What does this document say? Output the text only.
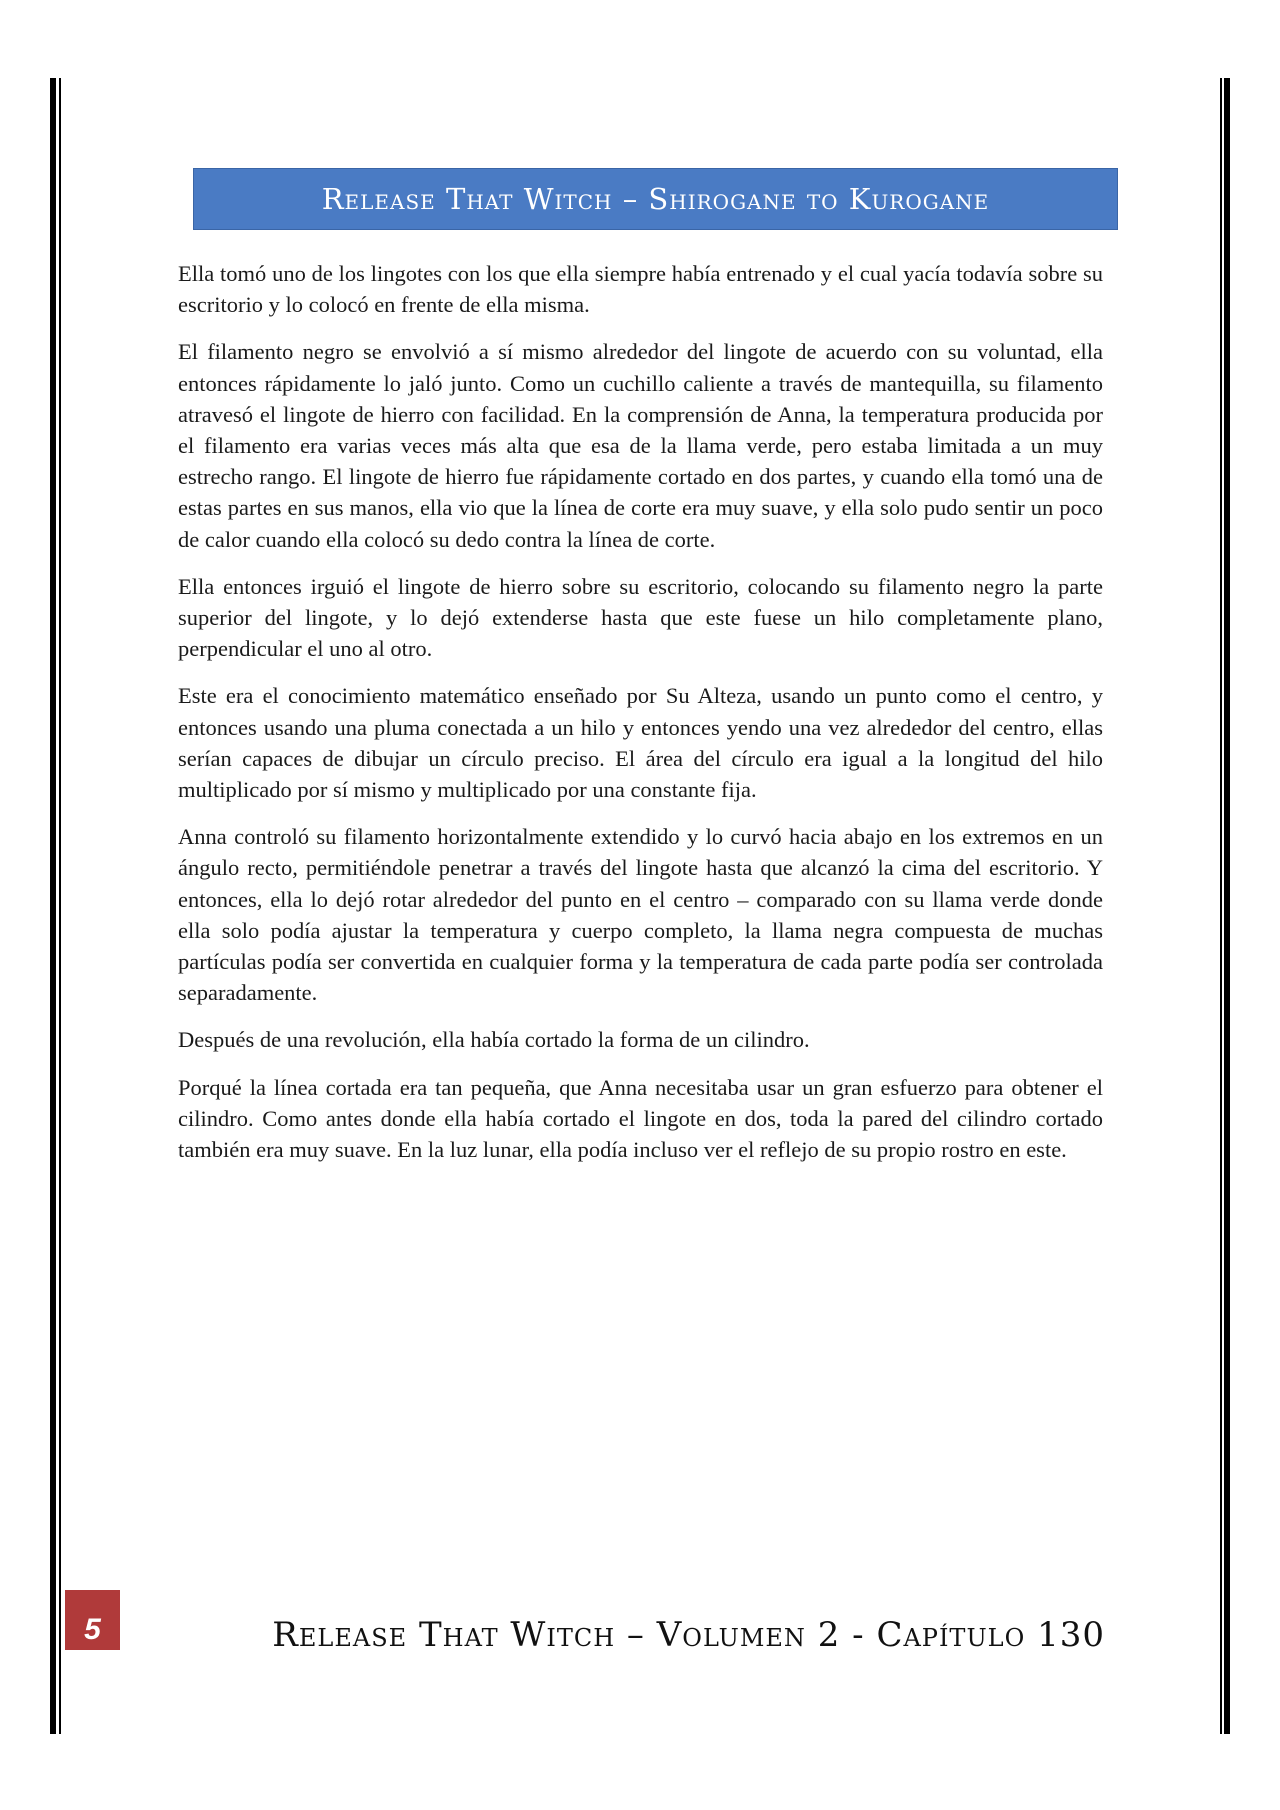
Release That Witch – Shirogane to Kurogane

Ella tomó uno de los lingotes con los que ella siempre había entrenado y el cual yacía todavía sobre su escritorio y lo colocó en frente de ella misma.

El filamento negro se envolvió a sí mismo alrededor del lingote de acuerdo con su voluntad, ella entonces rápidamente lo jaló junto. Como un cuchillo caliente a través de mantequilla, su filamento atravesó el lingote de hierro con facilidad. En la comprensión de Anna, la temperatura producida por el filamento era varias veces más alta que esa de la llama verde, pero estaba limitada a un muy estrecho rango. El lingote de hierro fue rápidamente cortado en dos partes, y cuando ella tomó una de estas partes en sus manos, ella vio que la línea de corte era muy suave, y ella solo pudo sentir un poco de calor cuando ella colocó su dedo contra la línea de corte.

Ella entonces irguió el lingote de hierro sobre su escritorio, colocando su filamento negro la parte superior del lingote, y lo dejó extenderse hasta que este fuese un hilo completamente plano, perpendicular el uno al otro.

Este era el conocimiento matemático enseñado por Su Alteza, usando un punto como el centro, y entonces usando una pluma conectada a un hilo y entonces yendo una vez alrededor del centro, ellas serían capaces de dibujar un círculo preciso. El área del círculo era igual a la longitud del hilo multiplicado por sí mismo y multiplicado por una constante fija.

Anna controló su filamento horizontalmente extendido y lo curvó hacia abajo en los extremos en un ángulo recto, permitiéndole penetrar a través del lingote hasta que alcanzó la cima del escritorio. Y entonces, ella lo dejó rotar alrededor del punto en el centro – comparado con su llama verde donde ella solo podía ajustar la temperatura y cuerpo completo, la llama negra compuesta de muchas partículas podía ser convertida en cualquier forma y la temperatura de cada parte podía ser controlada separadamente.

Después de una revolución, ella había cortado la forma de un cilindro.

Porqué la línea cortada era tan pequeña, que Anna necesitaba usar un gran esfuerzo para obtener el cilindro. Como antes donde ella había cortado el lingote en dos, toda la pared del cilindro cortado también era muy suave. En la luz lunar, ella podía incluso ver el reflejo de su propio rostro en este.

5	Release That Witch – Volumen 2 - Capítulo 130
